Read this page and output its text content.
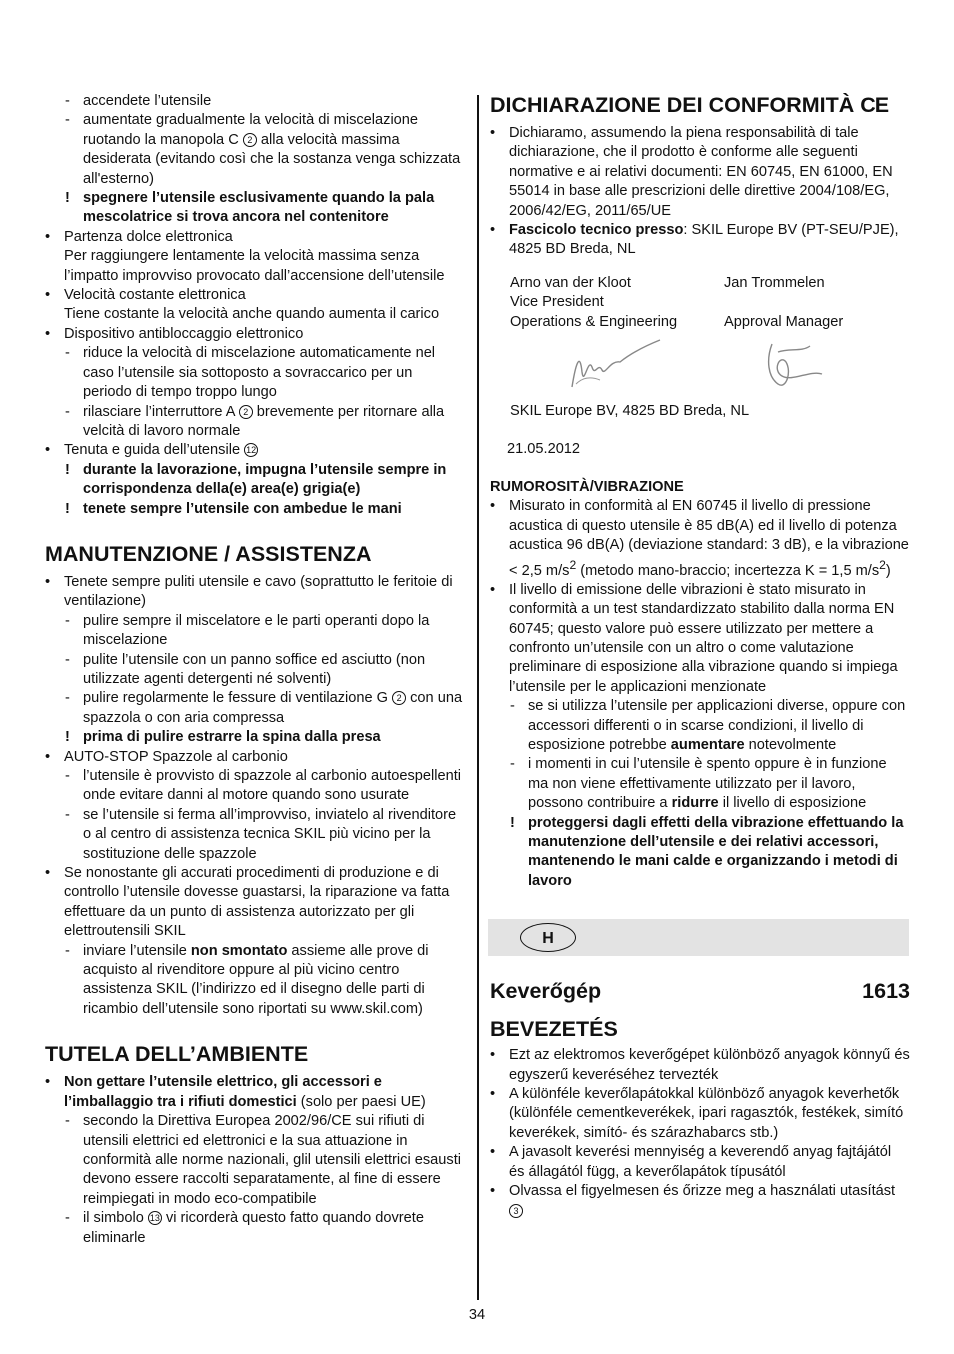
- accendete l’utensile
- aumentate gradualmente la velocità di miscelazione ruotando la manopola C 2 alla velocità massima desiderata (evitando così che la sostanza venga schizzata all'esterno)
! spegnere l’utensile esclusivamente quando la pala mescolatrice si trova ancora nel contenitore
• Partenza dolce elettronica
Per raggiungere lentamente la velocità massima senza l’impatto improvviso provocato dall’accensione dell’utensile
• Velocità costante elettronica
Tiene costante la velocità anche quando aumenta il carico
• Dispositivo antibloccaggio elettronico
- riduce la velocità di miscelazione automaticamente nel caso l’utensile sia sottoposto a sovraccarico per un periodo di tempo troppo lungo
- rilasciare l’interruttore A 2 brevemente per ritornare alla velcità di lavoro normale
• Tenuta e guida dell’utensile 12
! durante la lavorazione, impugna l’utensile sempre in corrispondenza della(e) area(e) grigia(e)
! tenete sempre l’utensile con ambedue le mani
MANUTENZIONE / ASSISTENZA
• Tenete sempre puliti utensile e cavo (soprattutto le feritoie di ventilazione)
- pulire sempre il miscelatore e le parti operanti dopo la miscelazione
- pulite l’utensile con un panno soffice ed asciutto (non utilizzate agenti detergenti né solventi)
- pulire regolarmente le fessure di ventilazione G 2 con una spazzola o con aria compressa
! prima di pulire estrarre la spina dalla presa
• AUTO-STOP Spazzole al carbonio
- l’utensile è provvisto di spazzole al carbonio autoespellenti onde evitare danni al motore quando sono usurate
- se l’utensile si ferma all’improvviso, inviatelo al rivenditore o al centro di assistenza tecnica SKIL più vicino per la sostituzione delle spazzole
• Se nonostante gli accurati procedimenti di produzione e di controllo l’utensile dovesse guastarsi, la riparazione va fatta effettuare da un punto di assistenza autorizzato per gli elettroutensili SKIL
- inviare l’utensile non smontato assieme alle prove di acquisto al rivenditore oppure al più vicino centro assistenza SKIL (l’indirizzo ed il disegno delle parti di ricambio dell’utensile sono riportati su www.skil.com)
TUTELA DELL’AMBIENTE
• Non gettare l’utensile elettrico, gli accessori e l’imballaggio tra i rifiuti domestici (solo per paesi UE)
- secondo la Direttiva Europea 2002/96/CE sui rifiuti di utensili elettrici ed elettronici e la sua attuazione in conformità alle norme nazionali, glil utensili elettrici esausti devono essere raccolti separatamente, al fine di essere reimpiegati in modo eco-compatibile
- il simbolo 13 vi ricorderà questo fatto quando dovrete eliminarle
DICHIARAZIONE DEI CONFORMITÀ CE
• Dichiaramo, assumendo la piena responsabilità di tale dichiarazione, che il prodotto è conforme alle seguenti normative e ai relativi documenti: EN 60745, EN 61000, EN 55014 in base alle prescrizioni delle direttive 2004/108/EG, 2006/42/EG, 2011/65/UE
• Fascicolo tecnico presso: SKIL Europe BV (PT-SEU/PJE), 4825 BD Breda, NL
Arno van der Kloot	Jan Trommelen
Vice President
Operations & Engineering	Approval Manager
SKIL Europe BV, 4825 BD Breda, NL
21.05.2012
RUMOROSITÀ/VIBRAZIONE
• Misurato in conformità al EN 60745 il livello di pressione acustica di questo utensile è 85 dB(A) ed il livello di potenza acustica 96 dB(A) (deviazione standard: 3 dB), e la vibrazione < 2,5 $m/s^2$ (metodo mano-braccio; incertezza K = 1,5 $m/s^2$)
• Il livello di emissione delle vibrazioni è stato misurato in conformità a un test standardizzato stabilito dalla norma EN 60745; questo valore può essere utilizzato per mettere a confronto un’utensile con un altro o come valutazione preliminare di esposizione alla vibrazione quando si impiega l’utensile per le applicazioni menzionate
- se si utilizza l’utensile per applicazioni diverse, oppure con accessori differenti o in scarse condizioni, il livello di esposizione potrebbe aumentare notevolmente
- i momenti in cui l’utensile è spento oppure è in funzione ma non viene effettivamente utilizzato per il lavoro, possono contribuire a ridurre il livello di esposizione
! proteggersi dagli effetti della vibrazione effettuando la manutenzione dell’utensile e dei relativi accessori, mantenendo le mani calde e organizzando i metodi di lavoro
H
Keverőgép	1613
BEVEZETÉS
• Ezt az elektromos keverőgépet különböző anyagok könnyű és egyszerű keveréséhez tervezték
• A különféle keverőlapátokkal különböző anyagok keverhetők (különféle cementkeverékek, ipari ragasztók, festékek, simító keverékek, simító- és szárazhabarcs stb.)
• A javasolt keverési mennyiség a keverendő anyag fajtájától és állagától függ, a keverőlapátok típusától
• Olvassa el figyelmesen és őrizze meg a használati utasítást 3
34
